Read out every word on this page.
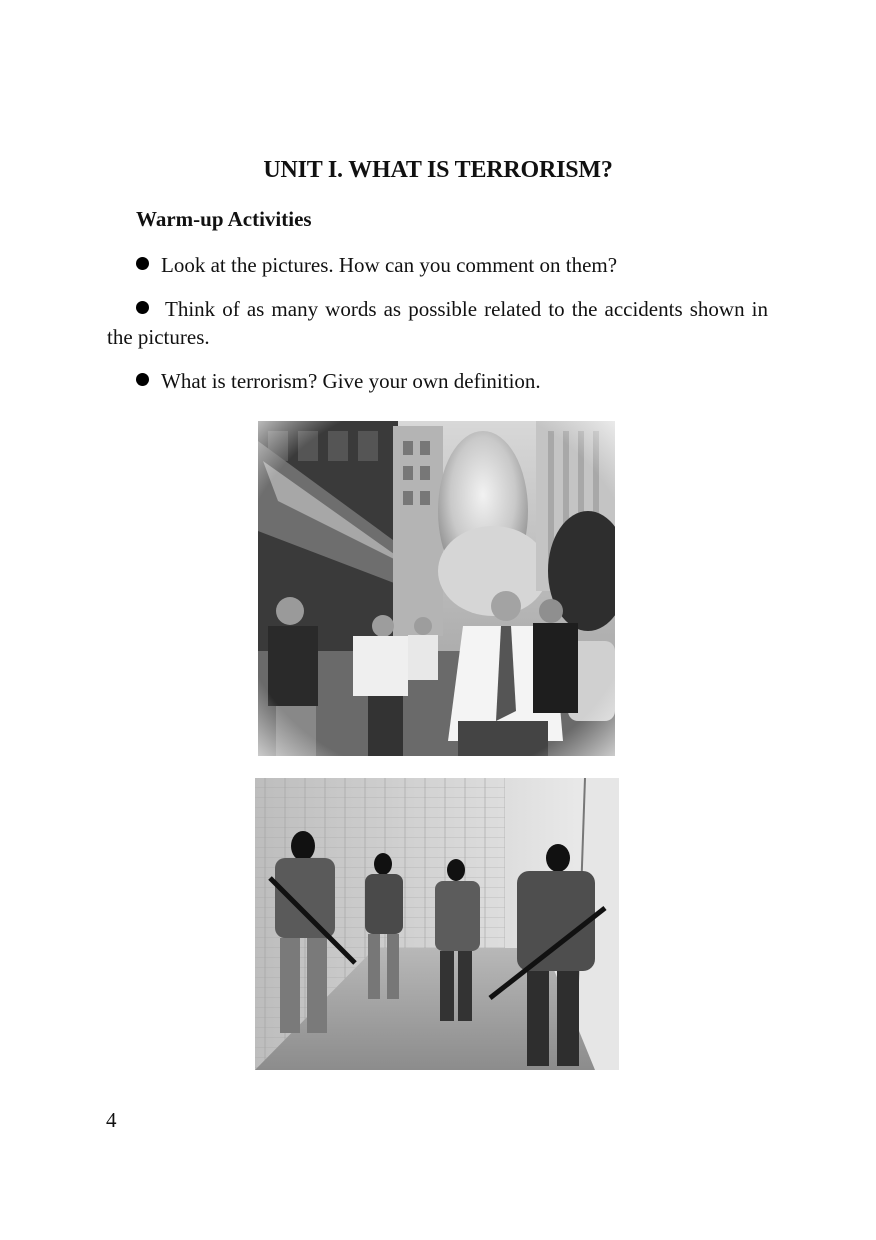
UNIT I. WHAT IS TERRORISM?
Warm-up Activities
Look at the pictures. How can you comment on them?
Think of as many words as possible related to the accidents shown in the pictures.
What is terrorism? Give your own definition.
4
